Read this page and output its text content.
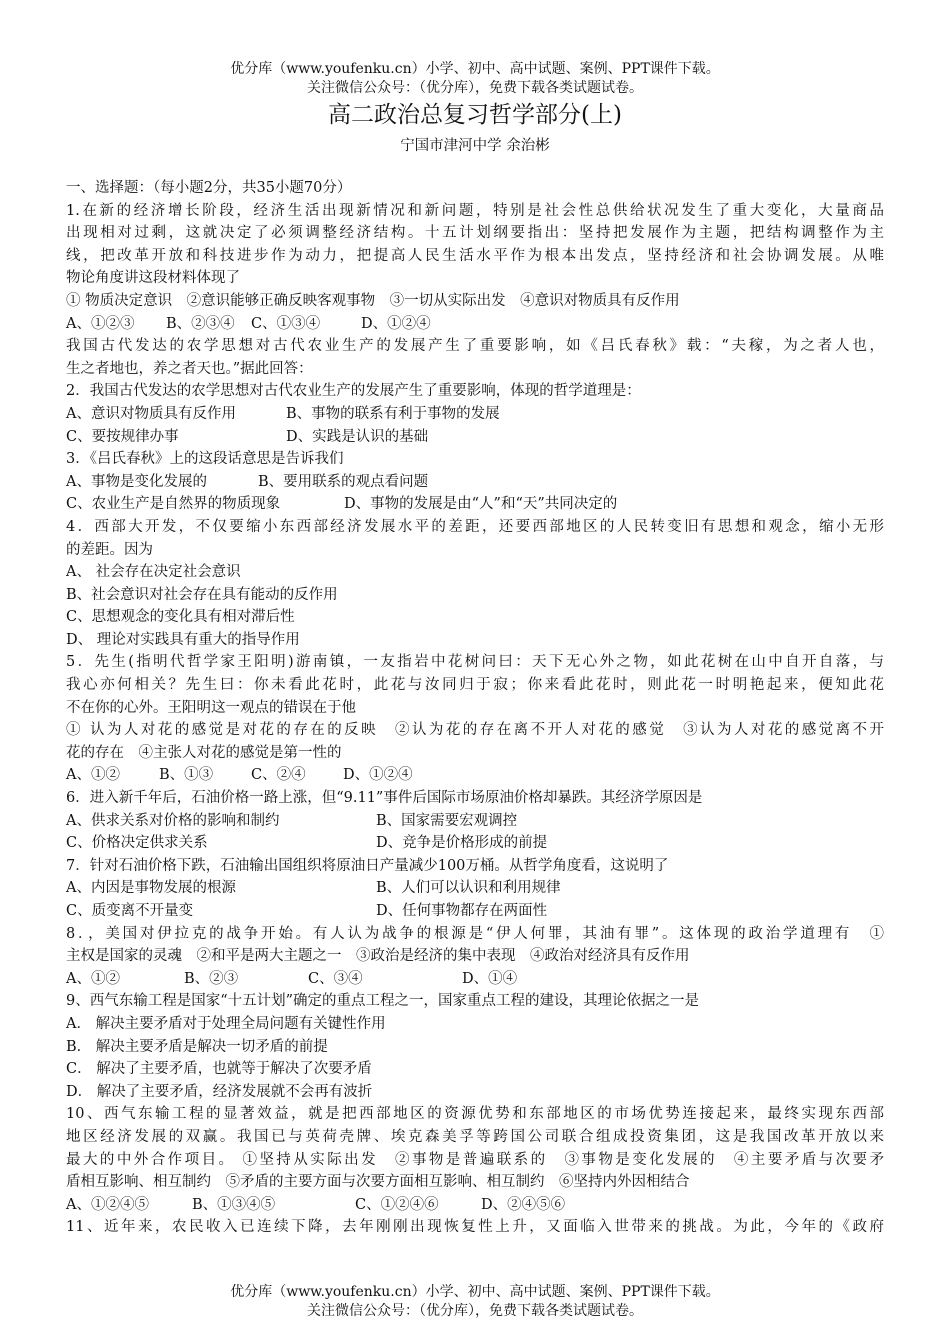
优分库（www.youfenku.cn）小学、初中、高中试题、案例、PPT课件下载。
关注微信公众号：（优分库），免费下载各类试题试卷。
高二政治总复习哲学部分(上)
宁国市津河中学 余治彬
一、选择题：（每小题2分，共35小题70分）
1.在新的经济增长阶段，经济生活出现新情况和新问题，特别是社会性总供给状况发生了重大变化，大量商品
出现相对过剩，这就决定了必须调整经济结构。十五计划纲要指出：坚持把发展作为主题，把结构调整作为主
线，把改革开放和科技进步作为动力，把提高人民生活水平作为根本出发点，坚持经济和社会协调发展。从唯
物论角度讲这段材料体现了
① 物质决定意识　②意识能够正确反映客观事物　③一切从实际出发　④意识对物质具有反作用
A、①②③	B、②③④	C、①③④	D、①②④
我国古代发达的农学思想对古代农业生产的发展产生了重要影响，如《吕氏春秋》载：“夫稼，为之者人也，
生之者地也，养之者天也。”据此回答：
2．我国古代发达的农学思想对古代农业生产的发展产生了重要影响，体现的哲学道理是：
A、意识对物质具有反作用	B、事物的联系有利于事物的发展
C、要按规律办事	D、实践是认识的基础
3．《吕氏春秋》上的这段话意思是告诉我们
A、事物是变化发展的	B、要用联系的观点看问题
C、农业生产是自然界的物质现象	D、事物的发展是由“人”和“天”共同决定的
4．西部大开发，不仅要缩小东西部经济发展水平的差距，还要西部地区的人民转变旧有思想和观念，缩小无形
的差距。因为
A、 社会存在决定社会意识
B、社会意识对社会存在具有能动的反作用
C、思想观念的变化具有相对滞后性
D、 理论对实践具有重大的指导作用
5．先生(指明代哲学家王阳明)游南镇，一友指岩中花树问曰：天下无心外之物，如此花树在山中自开自落，与
我心亦何相关？先生曰：你未看此花时，此花与汝同归于寂；你来看此花时，则此花一时明艳起来，便知此花
不在你的心外。王阳明这一观点的错误在于他
① 认为人对花的感觉是对花的存在的反映　②认为花的存在离不开人对花的感觉　③认为人对花的感觉离不开
花的存在　④主张人对花的感觉是第一性的
A、①②	B、①③	C、②④	D、①②④
6．进入新千年后，石油价格一路上涨，但“9.11”事件后国际市场原油价格却暴跌。其经济学原因是
A、供求关系对价格的影响和制约	B、国家需要宏观调控
C、价格决定供求关系	D、竞争是价格形成的前提
7．针对石油价格下跌，石油输出国组织将原油日产量减少100万桶。从哲学角度看，这说明了
A、内因是事物发展的根源	B、人们可以认识和利用规律
C、质变离不开量变	D、任何事物都存在两面性
8．，美国对伊拉克的战争开始。有人认为战争的根源是“伊人何罪，其油有罪”。这体现的政治学道理有　①
主权是国家的灵魂　②和平是两大主题之一　③政治是经济的集中表现　④政治对经济具有反作用
A、①②	B、②③	C、③④	D、①④
9、西气东输工程是国家“十五计划”确定的重点工程之一，国家重点工程的建设，其理论依据之一是
A． 解决主要矛盾对于处理全局问题有关键性作用
B． 解决主要矛盾是解决一切矛盾的前提
C． 解决了主要矛盾，也就等于解决了次要矛盾
D． 解决了主要矛盾，经济发展就不会再有波折
10、西气东输工程的显著效益，就是把西部地区的资源优势和东部地区的市场优势连接起来，最终实现东西部
地区经济发展的双赢。我国已与英荷壳牌、埃克森美孚等跨国公司联合组成投资集团，这是我国改革开放以来
最大的中外合作项目。 ①坚持从实际出发　②事物是普遍联系的　③事物是变化发展的　④主要矛盾与次要矛
盾相互影响、相互制约　⑤矛盾的主要方面与次要方面相互影响、相互制约　⑥坚持内外因相结合
A、①②④⑤	B、①③④⑤	C、①②④⑥	D、②④⑤⑥
11、近年来，农民收入已连续下降，去年刚刚出现恢复性上升，又面临入世带来的挑战。为此，今年的《政府
优分库（www.youfenku.cn）小学、初中、高中试题、案例、PPT课件下载。
关注微信公众号：（优分库），免费下载各类试题试卷。
